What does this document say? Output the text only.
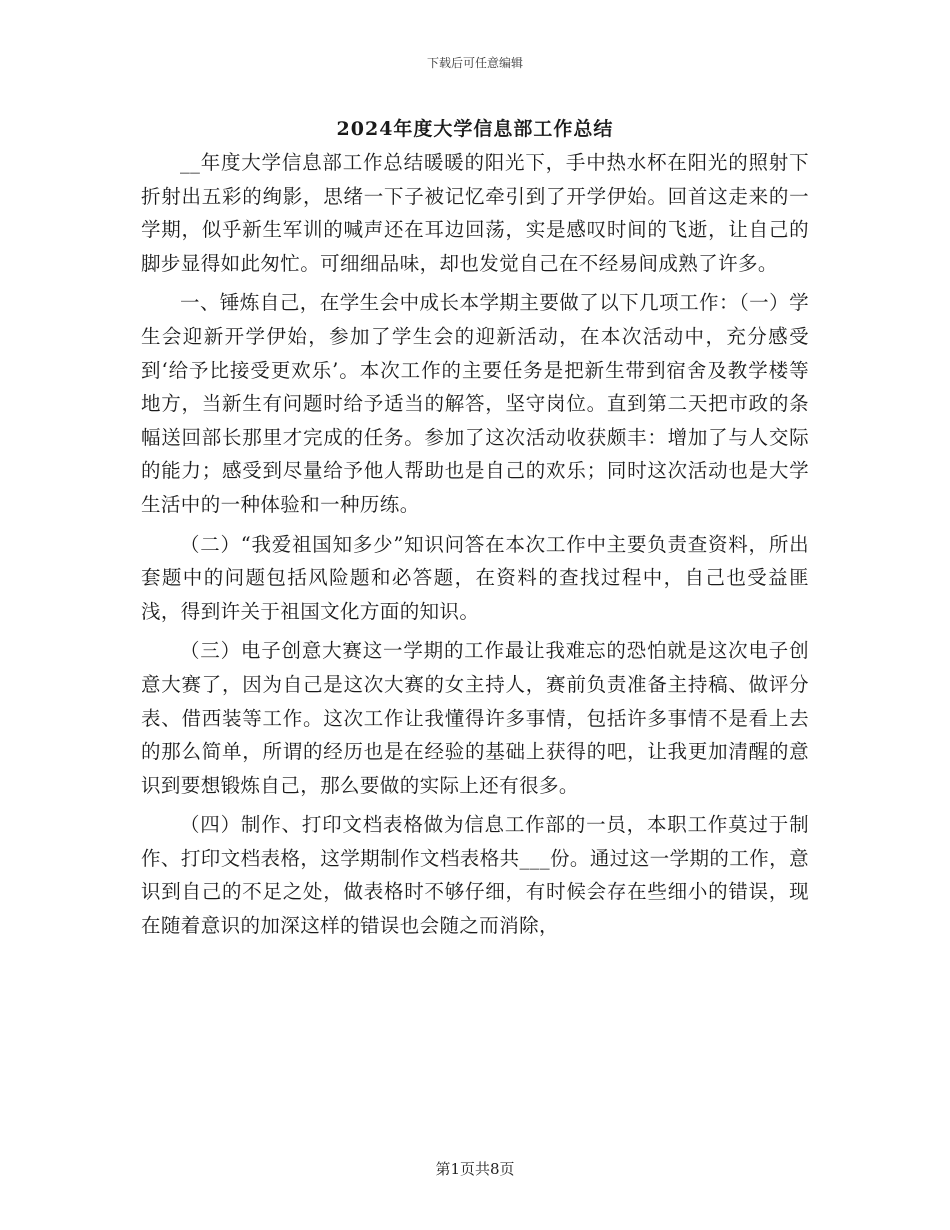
下载后可任意编辑
2024年度大学信息部工作总结

__年度大学信息部工作总结暖暖的阳光下，手中热水杯在阳光的照射下折射出五彩的绚影，思绪一下子被记忆牵引到了开学伊始。回首这走来的一学期，似乎新生军训的喊声还在耳边回荡，实是感叹时间的飞逝，让自己的脚步显得如此匆忙。可细细品味，却也发觉自己在不经易间成熟了许多。

一、锤炼自己，在学生会中成长本学期主要做了以下几项工作：（一）学生会迎新开学伊始，参加了学生会的迎新活动，在本次活动中，充分感受到‘给予比接受更欢乐’。本次工作的主要任务是把新生带到宿舍及教学楼等地方，当新生有问题时给予适当的解答，坚守岗位。直到第二天把市政的条幅送回部长那里才完成的任务。参加了这次活动收获颇丰：增加了与人交际的能力；感受到尽量给予他人帮助也是自己的欢乐；同时这次活动也是大学生活中的一种体验和一种历练。

（二）“我爱祖国知多少”知识问答在本次工作中主要负责查资料，所出套题中的问题包括风险题和必答题，在资料的查找过程中，自己也受益匪浅，得到许关于祖国文化方面的知识。

（三）电子创意大赛这一学期的工作最让我难忘的恐怕就是这次电子创意大赛了，因为自己是这次大赛的女主持人，赛前负责准备主持稿、做评分表、借西装等工作。这次工作让我懂得许多事情，包括许多事情不是看上去的那么简单，所谓的经历也是在经验的基础上获得的吧，让我更加清醒的意识到要想锻炼自己，那么要做的实际上还有很多。

（四）制作、打印文档表格做为信息工作部的一员，本职工作莫过于制作、打印文档表格，这学期制作文档表格共___份。通过这一学期的工作，意识到自己的不足之处，做表格时不够仔细，有时候会存在些细小的错误，现在随着意识的加深这样的错误也会随之而消除，

第1页共8页
